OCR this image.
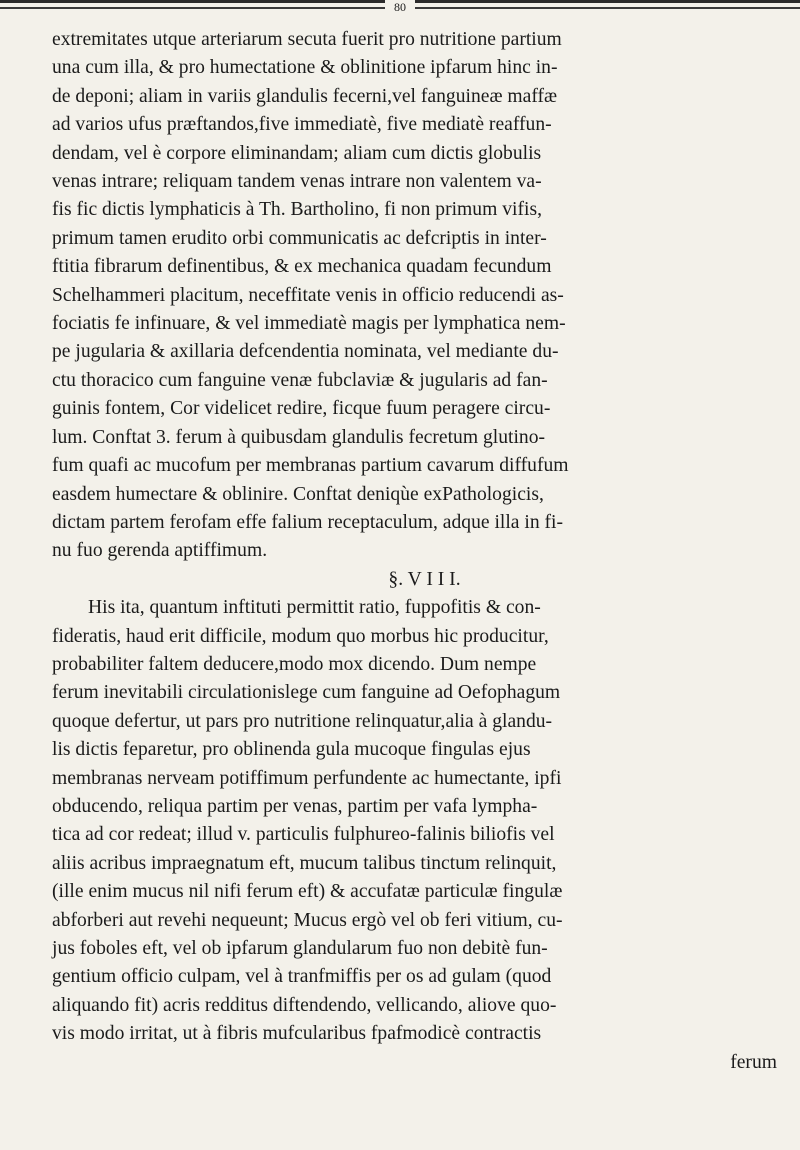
80
extremitates utque arteriarum secuta fuerit pro nutritione partium
una cum illa, & pro humectatione & oblinitione ipfarum hinc in-
de deponi; aliam in variis glandulis fecerni,vel fanguineæ maffæ
ad varios ufus præftandos,five immediatè, five mediatè reaffun-
dendam, vel è corpore eliminandam; aliam cum dictis globulis
venas intrare; reliquam tandem venas intrare non valentem va-
fis fic dictis lymphaticis à Th. Bartholino, fi non primum vifis,
primum tamen erudito orbi communicatis ac defcriptis in inter-
ftitia fibrarum definentibus, & ex mechanica quadam fecundum
Schelhammeri placitum, neceffitate venis in officio reducendi as-
fociatis fe infinuare, & vel immediatè magis per lymphatica nem-
pe jugularia & axillaria defcendentia nominata, vel mediante du-
ctu thoracico cum fanguine venæ fubclaviæ & jugularis ad fan-
guinis fontem, Cor videlicet redire, ficque fuum peragere circu-
lum. Conftat 3. ferum à quibusdam glandulis fecretum glutino-
fum quafi ac mucofum per membranas partium cavarum diffufum
easdem humectare & oblinire. Conftat deniqùe exPathologicis,
dictam partem ferofam effe falium receptaculum, adque illa in fi-
nu fuo gerenda aptiffimum.
§. V I I I.
His ita, quantum inftituti permittit ratio, fuppofitis & con-
fideratis, haud erit difficile, modum quo morbus hic producitur,
probabiliter faltem deducere,modo mox dicendo. Dum nempe
ferum inevitabili circulationislege cum fanguine ad Oefophagum
quoque defertur, ut pars pro nutritione relinquatur,alia à glandu-
lis dictis feparetur, pro oblinenda gula mucoque fingulas ejus
membranas nerveam potiffimum perfundente ac humectante, ipfi
obducendo, reliqua partim per venas, partim per vafa lympha-
tica ad cor redeat; illud v. particulis fulphureo-falinis biliofis vel
aliis acribus impraegnatum eft, mucum talibus tinctum relinquit,
(ille enim mucus nil nifi ferum eft) & accufatæ particulæ fingulæ
abforberi aut revehi nequeunt; Mucus ergò vel ob feri vitium, cu-
jus foboles eft, vel ob ipfarum glandularum fuo non debitè fun-
gentium officio culpam, vel à tranfmiffis per os ad gulam (quod
aliquando fit) acris redditus diftendendo, vellicando, aliove quo-
vis modo irritat, ut à fibris mufcularibus fpafmodicè contractis
ferum
